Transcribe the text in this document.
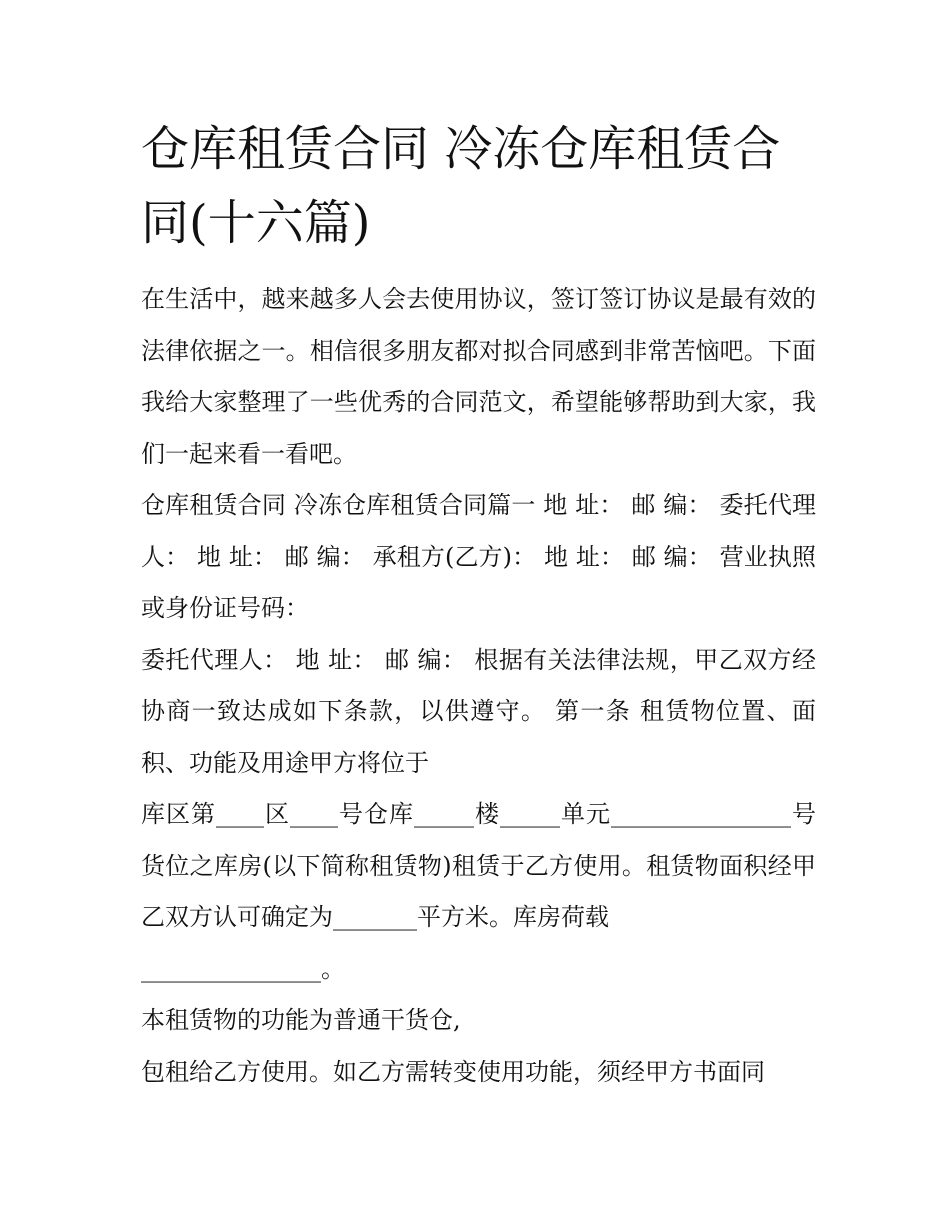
仓库租赁合同 冷冻仓库租赁合同(十六篇)

在生活中，越来越多人会去使用协议，签订签订协议是最有效的法律依据之一。相信很多朋友都对拟合同感到非常苦恼吧。下面我给大家整理了一些优秀的合同范文，希望能够帮助到大家，我们一起来看一看吧。

仓库租赁合同 冷冻仓库租赁合同篇一 地 址： 邮 编： 委托代理人： 地 址： 邮 编： 承租方(乙方)： 地 址： 邮 编： 营业执照或身份证号码：

委托代理人： 地 址： 邮 编： 根据有关法律法规，甲乙双方经协商一致达成如下条款，以供遵守。 第一条 租赁物位置、面积、功能及用途甲方将位于

库区第____区____号仓库_____楼_____单元_______________号货位之库房(以下简称租赁物)租赁于乙方使用。租赁物面积经甲乙双方认可确定为_______平方米。库房荷载

_______________。

本租赁物的功能为普通干货仓,

包租给乙方使用。如乙方需转变使用功能，须经甲方书面同
